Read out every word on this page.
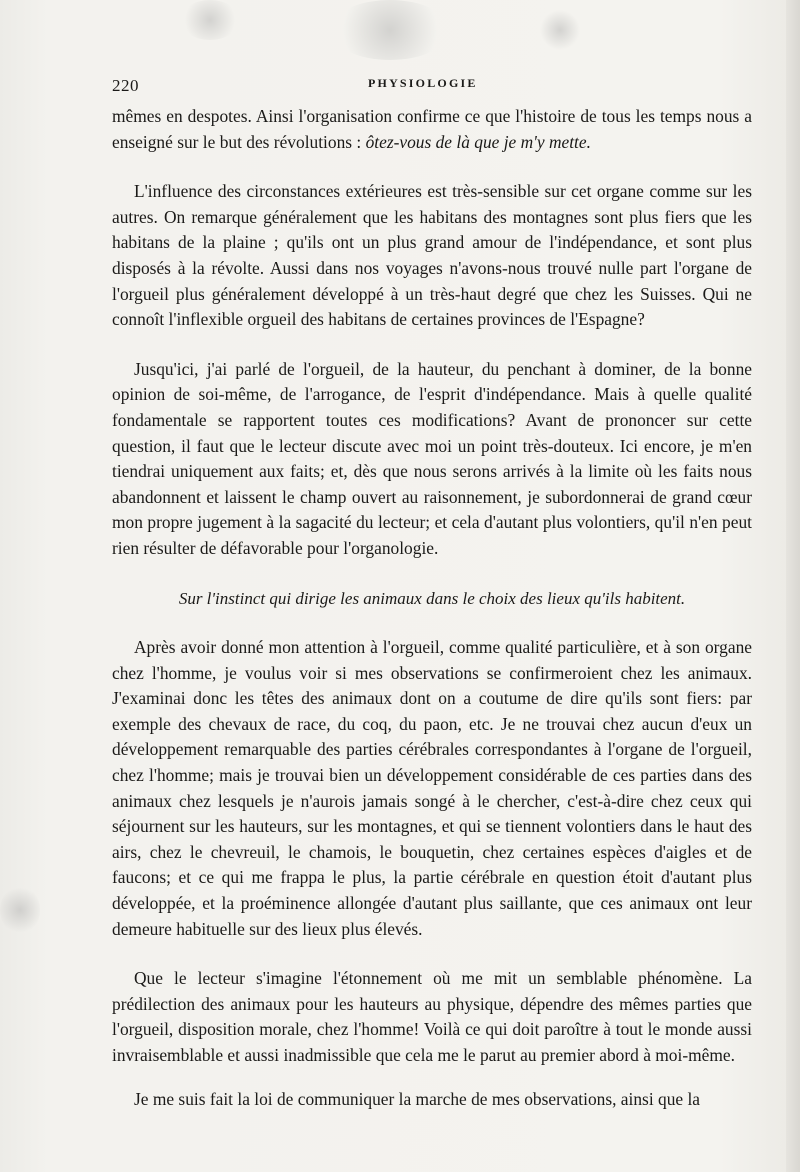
220	PHYSIOLOGIE

mêmes en despotes. Ainsi l'organisation confirme ce que l'histoire de tous les temps nous a enseigné sur le but des révolutions : ôtez-vous de là que je m'y mette.

L'influence des circonstances extérieures est très-sensible sur cet organe comme sur les autres. On remarque généralement que les habitans des montagnes sont plus fiers que les habitans de la plaine ; qu'ils ont un plus grand amour de l'indépendance, et sont plus disposés à la révolte. Aussi dans nos voyages n'avons-nous trouvé nulle part l'organe de l'orgueil plus généralement développé à un très-haut degré que chez les Suisses. Qui ne connoît l'inflexible orgueil des habitans de certaines provinces de l'Espagne?

Jusqu'ici, j'ai parlé de l'orgueil, de la hauteur, du penchant à dominer, de la bonne opinion de soi-même, de l'arrogance, de l'esprit d'indépendance. Mais à quelle qualité fondamentale se rapportent toutes ces modifications? Avant de prononcer sur cette question, il faut que le lecteur discute avec moi un point très-douteux. Ici encore, je m'en tiendrai uniquement aux faits; et, dès que nous serons arrivés à la limite où les faits nous abandonnent et laissent le champ ouvert au raisonnement, je subordonnerai de grand cœur mon propre jugement à la sagacité du lecteur; et cela d'autant plus volontiers, qu'il n'en peut rien résulter de défavorable pour l'organologie.

Sur l'instinct qui dirige les animaux dans le choix des lieux qu'ils habitent.

Après avoir donné mon attention à l'orgueil, comme qualité particulière, et à son organe chez l'homme, je voulus voir si mes observations se confirmeroient chez les animaux. J'examinai donc les têtes des animaux dont on a coutume de dire qu'ils sont fiers: par exemple des chevaux de race, du coq, du paon, etc. Je ne trouvai chez aucun d'eux un développement remarquable des parties cérébrales correspondantes à l'organe de l'orgueil, chez l'homme; mais je trouvai bien un développement considérable de ces parties dans des animaux chez lesquels je n'aurois jamais songé à le chercher, c'est-à-dire chez ceux qui séjournent sur les hauteurs, sur les montagnes, et qui se tiennent volontiers dans le haut des airs, chez le chevreuil, le chamois, le bouquetin, chez certaines espèces d'aigles et de faucons; et ce qui me frappa le plus, la partie cérébrale en question étoit d'autant plus développée, et la proéminence allongée d'autant plus saillante, que ces animaux ont leur demeure habituelle sur des lieux plus élevés.

Que le lecteur s'imagine l'étonnement où me mit un semblable phénomène. La prédilection des animaux pour les hauteurs au physique, dépendre des mêmes parties que l'orgueil, disposition morale, chez l'homme! Voilà ce qui doit paroître à tout le monde aussi invraisemblable et aussi inadmissible que cela me le parut au premier abord à moi-même.

Je me suis fait la loi de communiquer la marche de mes observations, ainsi que la
